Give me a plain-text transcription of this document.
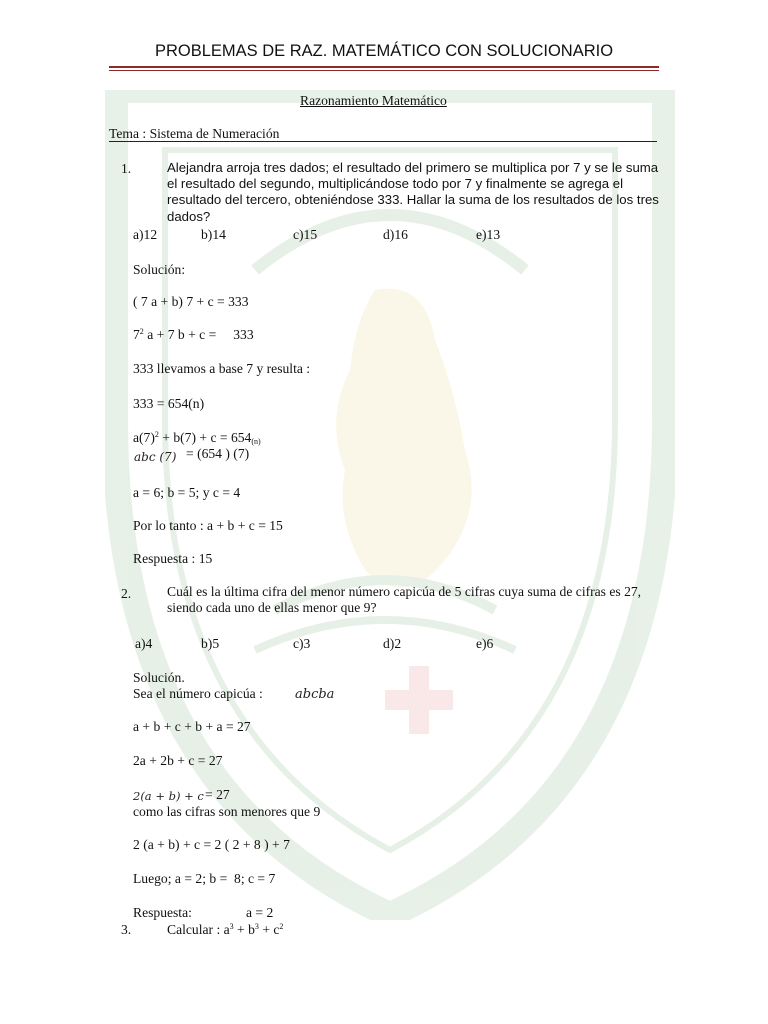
PROBLEMAS DE RAZ. MATEMÁTICO CON SOLUCIONARIO
Razonamiento Matemático
Tema : Sistema de Numeración
1.	Alejandra arroja tres dados; el resultado del primero se multiplica por 7 y se le suma el resultado del segundo, multiplicándose todo por 7 y finalmente se agrega el resultado del tercero, obteniéndose 333. Hallar la suma de los resultados de los tres dados?
a)12	b)14	c)15	d)16	e)13
Solución:
( 7 a + b) 7 + c = 333
$7^2$ a + 7 b + c =     333
333 llevamos a base 7 y resulta :
333 = 654(n)
$a(7)^2 + b(7) + c = 654_{(n)}$
abc (7) = (654 ) (7)
a = 6; b = 5; y c = 4
Por lo tanto : a + b + c = 15
Respuesta : 15
2.	Cuál es la última cifra del menor número capicúa de 5 cifras cuya suma de cifras es 27, siendo cada uno de ellas menor que 9?
a)4	b)5	c)3	d)2	e)6
Solución.
Sea el número capicúa : abcba
a + b + c + b + a = 27
2a + 2b + c = 27
2(a + b) + c = 27
como las cifras son menores que 9
2 (a + b) + c = 2 ( 2 + 8 ) + 7
Luego; a = 2; b =  8; c = 7
Respuesta:	a = 2
3.	Calcular : $a^3 + b^3 + c^2$
